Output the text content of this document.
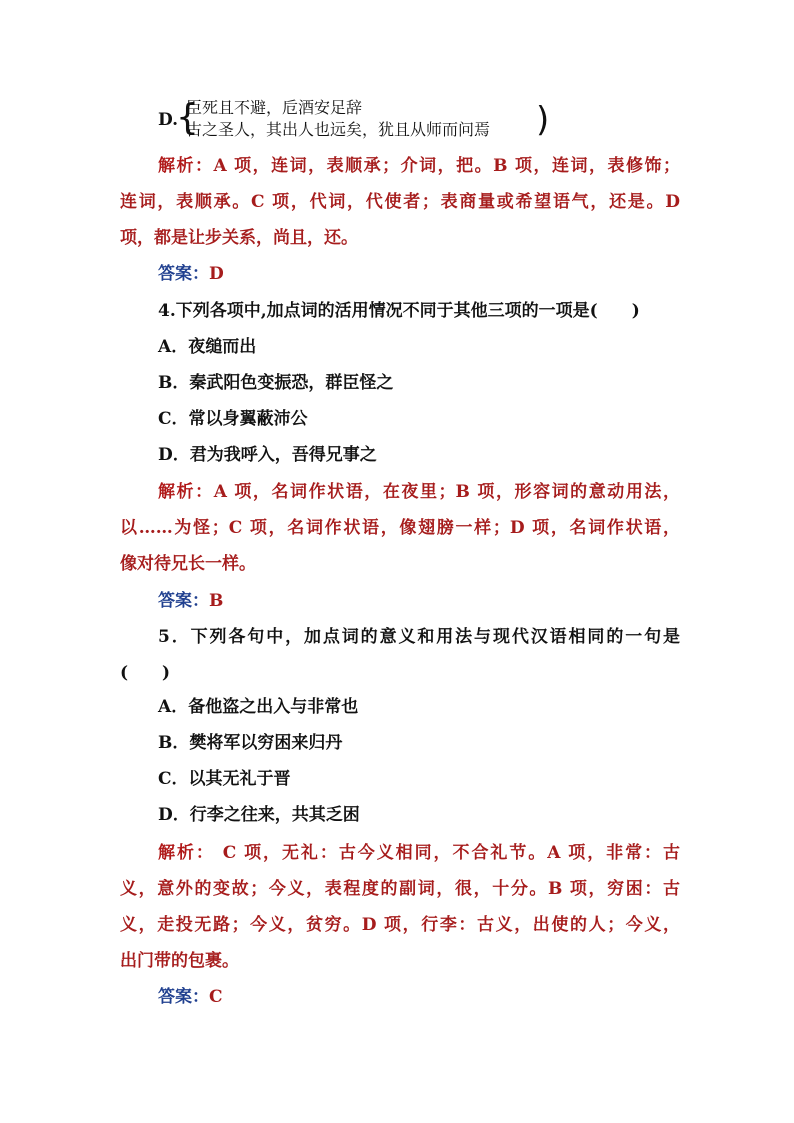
D.
{
臣死且不避，卮酒安足辞
古之圣人，其出人也远矣，犹且从师而问焉 )
解析：A 项，连词，表顺承；介词，把。B 项，连词，表修饰；
连词，表顺承。C 项，代词，代使者；表商量或希望语气，还是。D
项，都是让步关系，尚且，还。
答案：D
4.下列各项中,加点词的活用情况不同于其他三项的一项是(　　)
A．夜缒而出
B．秦武阳色变振恐，群臣怪之
C．常以身翼蔽沛公
D．君为我呼入，吾得兄事之
解析：A 项，名词作状语，在夜里；B 项，形容词的意动用法，
以……为怪；C 项，名词作状语，像翅膀一样；D 项，名词作状语，
像对待兄长一样。
答案：B
5．下列各句中，加点词的意义和用法与现代汉语相同的一句是
(　　)
A．备他盗之出入与非常也
B．樊将军以穷困来归丹
C．以其无礼于晋
D．行李之往来，共其乏困
解析： C 项，无礼：古今义相同，不合礼节。A 项，非常：古
义，意外的变故；今义，表程度的副词，很，十分。B 项，穷困：古
义，走投无路；今义，贫穷。D 项，行李：古义，出使的人；今义，
出门带的包裹。
答案：C
